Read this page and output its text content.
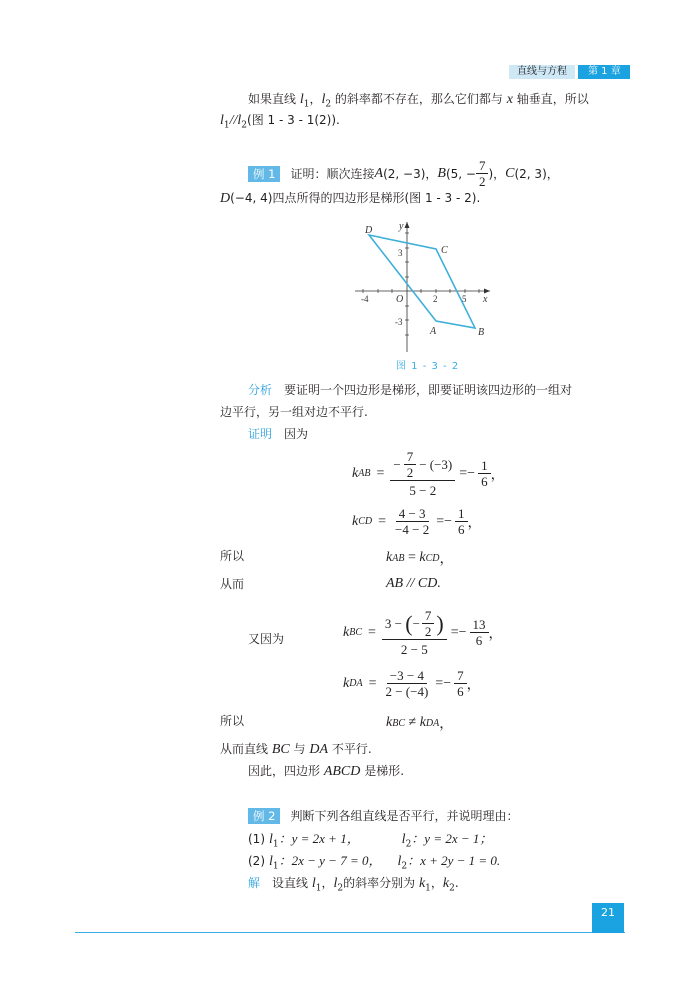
直线与方程	第 1 章
如果直线 $l_1$，$l_2$ 的斜率都不存在，那么它们都与 x 轴垂直，所以
$l_1//l_2$(图 1 - 3 - 1(2)).
例 1	证明：顺次连接 A (2, −3)， B (5, − $\frac{7}{2}$ )， C (2, 3)，
D(−4, 4)四点所得的四边形是梯形(图 1 - 3 - 2).
D
C
A	B
O	x
y
-4	2	5
3
-3
图 1 - 3 - 2
分析 要证明一个四边形是梯形，即要证明该四边形的一组对
边平行，另一组对边不平行.
证明 因为
k AB = $\frac{- \frac{7}{2} - (-3)}{5 - 2} =- \frac{1}{6}$ ，
k CD = $\frac{4 - 3}{-4 - 2} =- \frac{1}{6}$ ，
所以	k AB = k CD ，
从而	AB // CD.
又因为	k BC = $\frac{3 - ( - \frac{7}{2} )}{2 - 5} =- \frac{13}{6}$ ，
k DA = $\frac{-3 - 4}{2 - (-4)} =- \frac{7}{6}$ ，
所以	k BC ≠ k DA ，
从而直线 BC 与 DA 不平行.
因此，四边形 ABCD 是梯形.
例 2	判断下列各组直线是否平行，并说明理由：
(1) $l_1$：y = 2x + 1，	$l_2$：y = 2x − 1；
(2) $l_1$：2x − y − 7 = 0， $l_2$：x + 2y − 1 = 0.
解 设直线 $l_1$，$l_2$的斜率分别为 $k_1$，$k_2$.
21
